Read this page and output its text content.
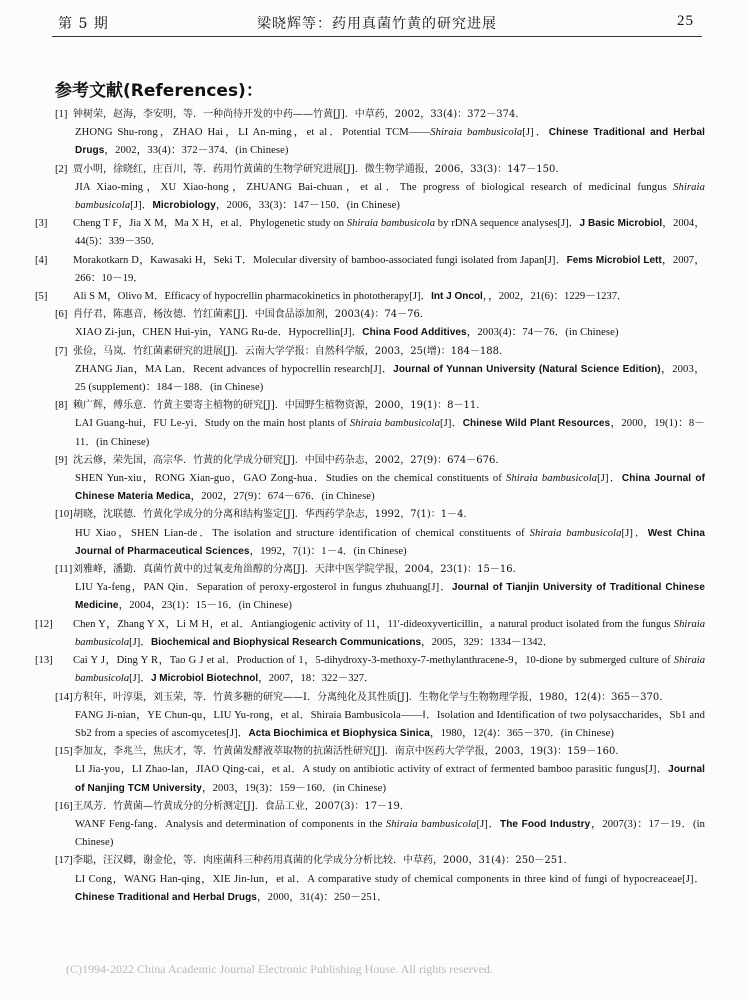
第 5 期	梁晓辉等：药用真菌竹黄的研究进展	25
参考文献(References)：
[1] 钟树荣，赵海，李安明，等．一种尚待开发的中药——竹黄[J]．中草药，2002，33(4)：372－374．
ZHONG Shu-rong，ZHAO Hai，LI An-ming，et al．Potential TCM——Shiraia bambusicola[J]．Chinese Traditional and Herbal Drugs，2002，33(4)：372－374．(in Chinese)
[2] 贾小明，徐晓红，庄百川，等．药用竹黄菌的生物学研究进展[J]．微生物学通报，2006，33(3)：147－150．
JIA Xiao-ming，XU Xiao-hong，ZHUANG Bai-chuan，et al．The progress of biological research of medicinal fungus Shiraia bambusicola[J]．Microbiology，2006，33(3)：147－150．(in Chinese)
[3] Cheng T F，Jia X M，Ma X H，et al．Phylogenetic study on Shiraia bambusicola by rDNA sequence analyses[J]．J Basic Microbiol，2004，44(5)：339－350．
[4] Morakotkarn D，Kawasaki H，Seki T．Molecular diversity of bamboo-associated fungi isolated from Japan[J]．Fems Microbiol Lett，2007，266：10－19．
[5] Ali S M，Olivo M．Efficacy of hypocrellin pharmacokinetics in phototherapy[J]．Int J Oncol，，2002，21(6)：1229－1237．
[6] 肖仔君，陈惠音，杨汝德．竹红菌素[J]．中国食品添加剂，2003(4)：74－76．
XIAO Zi-jun，CHEN Hui-yin，YANG Ru-de．Hypocrellin[J]．China Food Additives，2003(4)：74－76．(in Chinese)
[7] 张俭，马岚．竹红菌素研究的进展[J]．云南大学学报：自然科学版，2003，25(增)：184－188．
ZHANG Jian，MA Lan．Recent advances of hypocrellin research[J]．Journal of Yunnan University (Natural Science Edition)，2003，25 (supplement)：184－188．(in Chinese)
[8] 赖广辉，傅乐意．竹黄主要寄主植物的研究[J]．中国野生植物资源，2000，19(1)：8－11．
LAI Guang-hui，FU Le-yi．Study on the main host plants of Shiraia bambusicola[J]．Chinese Wild Plant Resources，2000，19(1)：8－11．(in Chinese)
[9] 沈云修，荣先国，高宗华．竹黄的化学成分研究[J]．中国中药杂志，2002，27(9)：674－676．
SHEN Yun-xiu，RONG Xian-guo，GAO Zong-hua．Studies on the chemical constituents of Shiraia bambusicola[J]．China Journal of Chinese Materia Medica，2002，27(9)：674－676．(in Chinese)
[10]胡晓，沈联德．竹黄化学成分的分离和结构鉴定[J]．华西药学杂志，1992，7(1)：1－4．
HU Xiao，SHEN Lian-de．The isolation and structure identification of chemical constituents of Shiraia bambusicola[J]．West China Journal of Pharmaceutical Sciences，1992，7(1)：1－4．(in Chinese)
[11]刘雅峰，潘勤．真菌竹黄中的过氧麦角甾醇的分离[J]．天津中医学院学报，2004，23(1)：15－16．
LIU Ya-feng，PAN Qin．Separation of peroxy-ergosterol in fungus zhuhuang[J]．Journal of Tianjin University of Traditional Chinese Medicine，2004，23(1)：15－16．(in Chinese)
[12] Chen Y，Zhang Y X，Li M H，et al．Antiangiogenic activity of 11，11′-dideoxyverticillin，a natural product isolated from the fungus Shiraia bambusicola[J]．Biochemical and Biophysical Research Communications，2005，329：1334－1342．
[13] Cai Y J，Ding Y R，Tao G J et al．Production of 1，5-dihydroxy-3-methoxy-7-methylanthracene-9，10-dione by submerged culture of Shiraia bambusicola[J]．J Microbiol Biotechnol，2007，18：322－327．
[14]方积年，叶淳渠，刘玉荣，等．竹黄多糖的研究——Ⅰ．分离纯化及其性质[J]．生物化学与生物物理学报，1980，12(4)：365－370．
FANG Ji-nian，YE Chun-qu，LIU Yu-rong，et al．Shiraia Bambusicola——Ⅰ．Isolation and Identification of two polysaccharides，Sb1 and Sb2 from a species of ascomycetes[J]．Acta Biochimica et Biophysica Sinica，1980，12(4)：365－370．(in Chinese)
[15]李加友，李兆兰，焦庆才，等．竹黄菌发酵液萃取物的抗菌活性研究[J]．南京中医药大学学报，2003，19(3)：159－160．
LI Jia-you，LI Zhao-lan，JIAO Qing-cai，et al．A study on antibiotic activity of extract of fermented bamboo parasitic fungus[J]．Journal of Nanjing TCM University，2003，19(3)：159－160．(in Chinese)
[16]王凤芳．竹黄菌—竹黄成分的分析测定[J]．食品工业，2007(3)：17－19．
WANF Feng-fang．Analysis and determination of components in the Shiraia bambusicola[J]．The Food Industry，2007(3)：17－19．(in Chinese)
[17]李聪，汪汉卿，谢金伦，等．肉座菌科三种药用真菌的化学成分分析比较．中草药，2000，31(4)：250－251．
LI Cong，WANG Han-qing，XIE Jin-lun，et al．A comparative study of chemical components in three kind of fungi of hypocreaceae[J]．Chinese Traditional and Herbal Drugs，2000，31(4)：250－251．
(C)1994-2022 China Academic Journal Electronic Publishing House. All rights reserved.
